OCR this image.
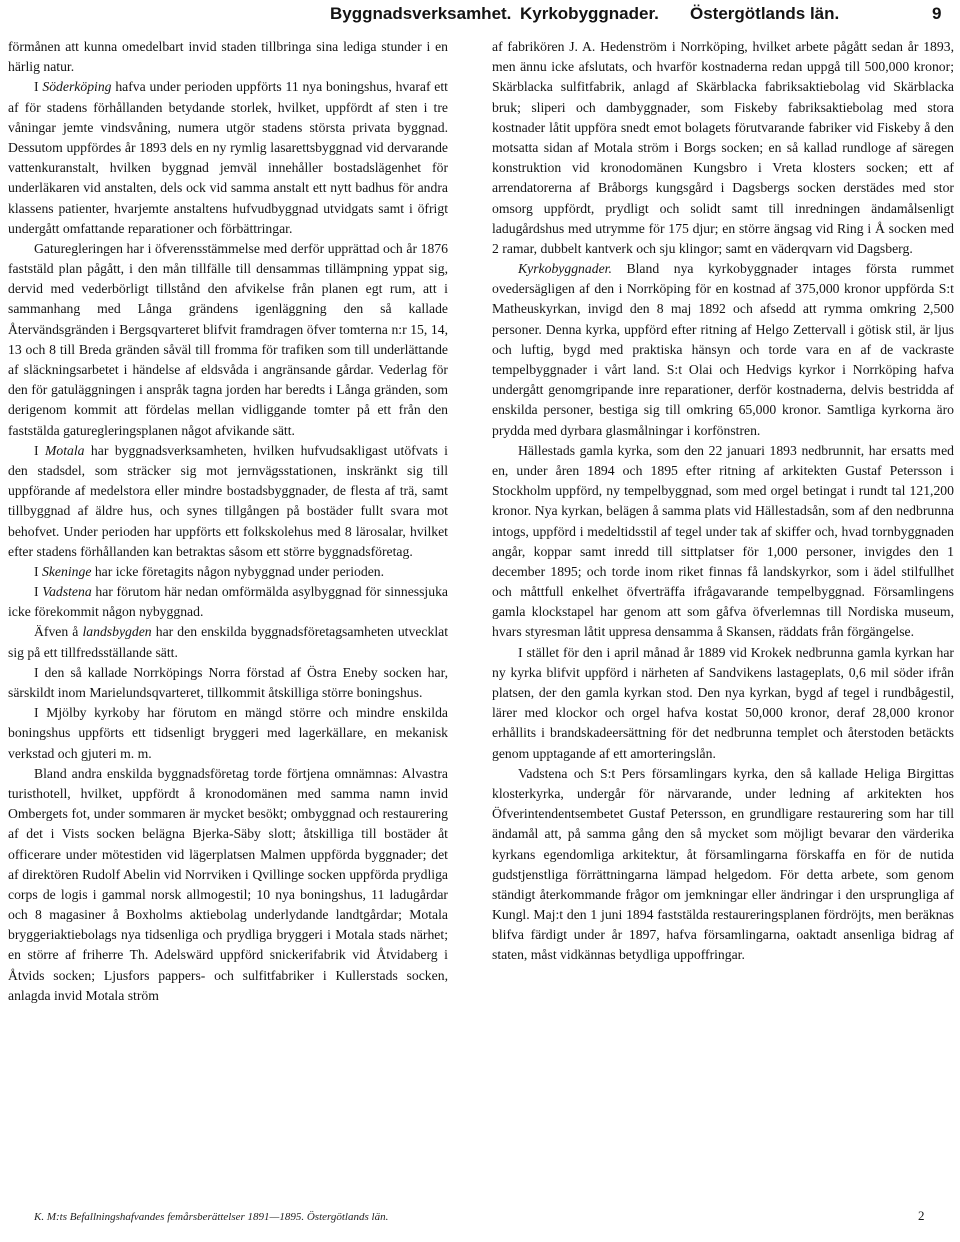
Byggnadsverksamhet. Kyrkobyggnader. Östergötlands län.	9

förmånen att kunna omedelbart invid staden tillbringa sina lediga stunder i en härlig natur.

I Söderköping hafva under perioden uppförts 11 nya boningshus, hvaraf ett af för stadens förhållanden betydande storlek, hvilket, uppfördt af sten i tre våningar jemte vindsvåning, numera utgör stadens största privata byggnad. Dessutom uppfördes år 1893 dels en ny rymlig lasarettsbyggnad vid dervarande vattenkuranstalt, hvilken byggnad jemväl innehåller bostadslägenhet för underläkaren vid anstalten, dels ock vid samma anstalt ett nytt badhus för andra klassens patienter, hvarjemte anstaltens hufvudbyggnad utvidgats samt i öfrigt undergått omfattande reparationer och förbättringar.

Gaturegleringen har i öfverensstämmelse med derför upprättad och år 1876 faststäld plan pågått, i den mån tillfälle till densammas tillämpning yppat sig, dervid med vederbörligt tillstånd den afvikelse från planen egt rum, att i sammanhang med Långa grändens igenläggning den så kallade Återvändsgränden i Bergsqvarteret blifvit framdragen öfver tomterna n:r 15, 14, 13 och 8 till Breda gränden såväl till fromma för trafiken som till underlättande af släckningsarbetet i händelse af eldsvåda i angränsande gårdar. Vederlag för den för gatuläggningen i anspråk tagna jorden har beredts i Långa gränden, som derigenom kommit att fördelas mellan vidliggande tomter på ett från den faststälda gaturegleringsplanen något afvikande sätt.

I Motala har byggnadsverksamheten, hvilken hufvudsakligast utöfvats i den stadsdel, som sträcker sig mot jernvägsstationen, inskränkt sig till uppförande af medelstora eller mindre bostadsbyggnader, de flesta af trä, samt tillbyggnad af äldre hus, och synes tillgången på bostäder fullt svara mot behofvet. Under perioden har uppförts ett folkskolehus med 8 lärosalar, hvilket efter stadens förhållanden kan betraktas såsom ett större byggnadsföretag.

I Skeninge har icke företagits någon nybyggnad under perioden.

I Vadstena har förutom här nedan omförmälda asylbyggnad för sinnessjuka icke förekommit någon nybyggnad.

Äfven å landsbygden har den enskilda byggnadsföretagsamheten utvecklat sig på ett tillfredsställande sätt.

I den så kallade Norrköpings Norra förstad af Östra Eneby socken har, särskildt inom Marielundsqvarteret, tillkommit åtskilliga större boningshus.

I Mjölby kyrkoby har förutom en mängd större och mindre enskilda boningshus uppförts ett tidsenligt bryggeri med lagerkällare, en mekanisk verkstad och gjuteri m. m.

Bland andra enskilda byggnadsföretag torde förtjena omnämnas: Alvastra turisthotell, hvilket, uppfördt å kronodomänen med samma namn invid Ombergets fot, under sommaren är mycket besökt; ombyggnad och restaurering af det i Vists socken belägna Bjerka-Säby slott; åtskilliga till bostäder åt officerare under mötestiden vid lägerplatsen Malmen uppförda byggnader; det af direktören Rudolf Abelin vid Norrviken i Qvillinge socken uppförda prydliga corps de logis i gammal norsk allmogestil; 10 nya boningshus, 11 ladugårdar och 8 magasiner å Boxholms aktiebolag underlydande landtgårdar; Motala bryggeriaktiebolags nya tidsenliga och prydliga bryggeri i Motala stads närhet; en större af friherre Th. Adelswärd uppförd snickerifabrik vid Åtvidaberg i Åtvids socken; Ljusfors pappers- och sulfitfabriker i Kullerstads socken, anlagda invid Motala ström

af fabrikören J. A. Hedenström i Norrköping, hvilket arbete pågått sedan år 1893, men ännu icke afslutats, och hvarför kostnaderna redan uppgå till 500,000 kronor; Skärblacka sulfitfabrik, anlagd af Skärblacka fabriksaktiebolag vid Skärblacka bruk; sliperi och dambyggnader, som Fiskeby fabriksaktiebolag med stora kostnader låtit uppföra snedt emot bolagets förutvarande fabriker vid Fiskeby å den motsatta sidan af Motala ström i Borgs socken; en så kallad rundloge af säregen konstruktion vid kronodomänen Kungsbro i Vreta klosters socken; ett af arrendatorerna af Bråborgs kungsgård i Dagsbergs socken derstädes med stor omsorg uppfördt, prydligt och solidt samt till inredningen ändamålsenligt ladugårdshus med utrymme för 175 djur; en större ängsag vid Ring i Å socken med 2 ramar, dubbelt kantverk och sju klingor; samt en väderqvarn vid Dagsberg.

Kyrkobyggnader. Bland nya kyrkobyggnader intages första rummet ovedersägligen af den i Norrköping för en kostnad af 375,000 kronor uppförda S:t Matheuskyrkan, invigd den 8 maj 1892 och afsedd att rymma omkring 2,500 personer. Denna kyrka, uppförd efter ritning af Helgo Zettervall i götisk stil, är ljus och luftig, bygd med praktiska hänsyn och torde vara en af de vackraste tempelbyggnader i vårt land. S:t Olai och Hedvigs kyrkor i Norrköping hafva undergått genomgripande inre reparationer, derför kostnaderna, delvis bestridda af enskilda personer, bestiga sig till omkring 65,000 kronor. Samtliga kyrkorna äro prydda med dyrbara glasmålningar i korfönstren.

Hällestads gamla kyrka, som den 22 januari 1893 nedbrunnit, har ersatts med en, under åren 1894 och 1895 efter ritning af arkitekten Gustaf Petersson i Stockholm uppförd, ny tempelbyggnad, som med orgel betingat i rundt tal 121,200 kronor. Nya kyrkan, belägen å samma plats vid Hällestadsån, som af den nedbrunna intogs, uppförd i medeltidsstil af tegel under tak af skiffer och, hvad tornbyggnaden angår, koppar samt inredd till sittplatser för 1,000 personer, invigdes den 1 december 1895; och torde inom riket finnas få landskyrkor, som i ädel stilfullhet och måttfull enkelhet öfverträffa ifrågavarande tempelbyggnad. Församlingens gamla klockstapel har genom att som gåfva öfverlemnas till Nordiska museum, hvars styresman låtit uppresa densamma å Skansen, räddats från förgängelse.

I stället för den i april månad år 1889 vid Krokek nedbrunna gamla kyrkan har ny kyrka blifvit uppförd i närheten af Sandvikens lastageplats, 0,6 mil söder ifrån platsen, der den gamla kyrkan stod. Den nya kyrkan, bygd af tegel i rundbågestil, lärer med klockor och orgel hafva kostat 50,000 kronor, deraf 28,000 kronor erhållits i brandskadeersättning för det nedbrunna templet och återstoden betäckts genom upptagande af ett amorteringslån.

Vadstena och S:t Pers församlingars kyrka, den så kallade Heliga Birgittas klosterkyrka, undergår för närvarande, under ledning af arkitekten hos Öfverintendentsembetet Gustaf Petersson, en grundligare restaurering som har till ändamål att, på samma gång den så mycket som möjligt bevarar den värderika kyrkans egendomliga arkitektur, åt församlingarna förskaffa en för de nutida gudstjenstliga förrättningarna lämpad helgedom. För detta arbete, som genom ständigt återkommande frågor om jemkningar eller ändringar i den ursprungliga af Kungl. Maj:t den 1 juni 1894 faststälda restaureringsplanen fördröjts, men beräknas blifva färdigt under år 1897, hafva församlingarna, oaktadt ansenliga bidrag af staten, måst vidkännas betydliga uppoffringar.

K. M:ts Befallningshafvandes femårsberättelser 1891—1895. Östergötlands län.	2
